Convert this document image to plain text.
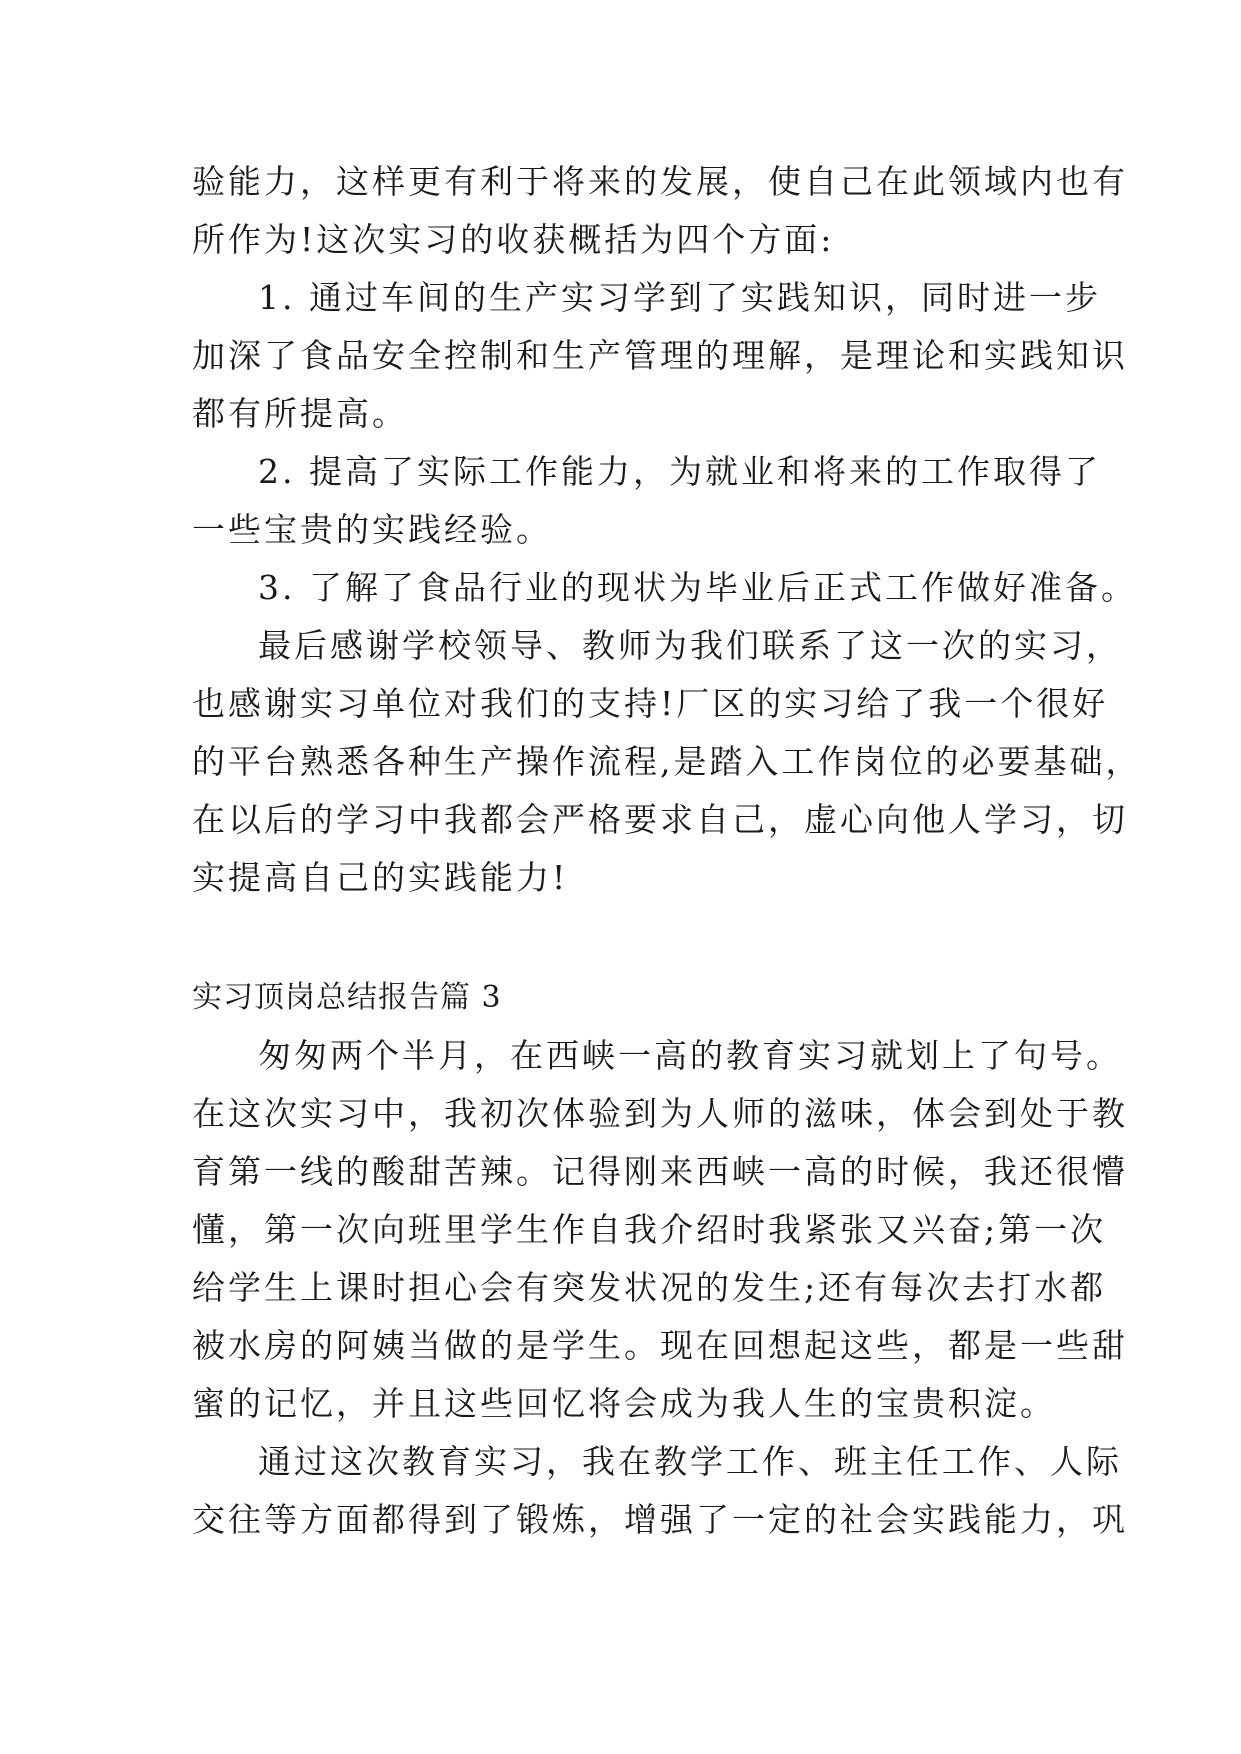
验能力，这样更有利于将来的发展，使自己在此领域内也有
所作为!这次实习的收获概括为四个方面:
1. 通过车间的生产实习学到了实践知识，同时进一步
加深了食品安全控制和生产管理的理解，是理论和实践知识
都有所提高。
2. 提高了实际工作能力，为就业和将来的工作取得了
一些宝贵的实践经验。
3. 了解了食品行业的现状为毕业后正式工作做好准备。
最后感谢学校领导、教师为我们联系了这一次的实习，
也感谢实习单位对我们的支持!厂区的实习给了我一个很好
的平台熟悉各种生产操作流程,是踏入工作岗位的必要基础，
在以后的学习中我都会严格要求自己，虚心向他人学习，切
实提高自己的实践能力!
实习顶岗总结报告篇 3
匆匆两个半月，在西峡一高的教育实习就划上了句号。
在这次实习中，我初次体验到为人师的滋味，体会到处于教
育第一线的酸甜苦辣。记得刚来西峡一高的时候，我还很懵
懂，第一次向班里学生作自我介绍时我紧张又兴奋;第一次
给学生上课时担心会有突发状况的发生;还有每次去打水都
被水房的阿姨当做的是学生。现在回想起这些，都是一些甜
蜜的记忆，并且这些回忆将会成为我人生的宝贵积淀。
通过这次教育实习，我在教学工作、班主任工作、人际
交往等方面都得到了锻炼，增强了一定的社会实践能力，巩
